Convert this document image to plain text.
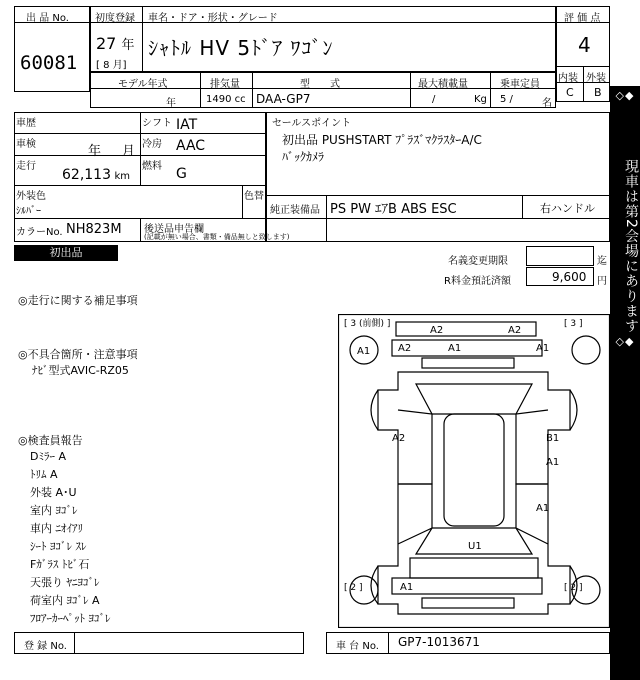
出 品 No.
60081
初度登録 車名・ドア・形状・グレード
27 年
[ 8 月]
ｼｬﾄﾙ HV 5ﾄﾞｱ ﾜｺﾞﾝ
評 価 点
4
内装 外装
C B
モデル年式
年
排気量
1490 cc
型　　式
DAA-GP7
最大積載量
/	Kg
乗車定員
5 /	名
車歴
車検	年 月
走行
62,113 km
シフト IAT
冷房 AAC
燃料 G
外装色
ｼﾙﾊﾞｰ
色替
カラーNo. NH823M 後送品申告欄
(記載が無い場合、書類・備品無しと致します)
セールスポイント
初出品 PUSHSTART ﾌﾟﾗｽﾞﾏｸﾗｽﾀｰA/C
ﾊﾞｯｸｶﾒﾗ
純正装備品 PS PW ｴｱB ABS ESC	右ハンドル
初出品
名義変更期限	迄
R料金預託済額	9,600 円
◎走行に関する補足事項
◎不具合箇所・注意事項
ﾅﾋﾞ型式AVIC-RZ05
◎検査員報告
Dﾐﾗｰ A
ﾄﾘﾑ A
外装 A･U
室内 ﾖｺﾞﾚ
車内 ﾆｵｲｱﾘ
ｼｰﾄ ﾖｺﾞﾚ ｽﾚ
Fｶﾞﾗｽ ﾄﾋﾞ石
天張り ﾔﾆﾖｺﾞﾚ
荷室内 ﾖｺﾞﾚ A
ﾌﾛｱｰｶｰﾍﾟｯﾄ ﾖｺﾞﾚ
[ 3 (前側) ]	[ 3 ]
[ 2 ]	[ 2 ]
A2	A2
A1	A2	A1	A1
A2	B1
A1
A1
U1
A1
◇◆
現車は第2会場にあります
◇◆
登 録 No.	車 台 No. GP7-1013671
